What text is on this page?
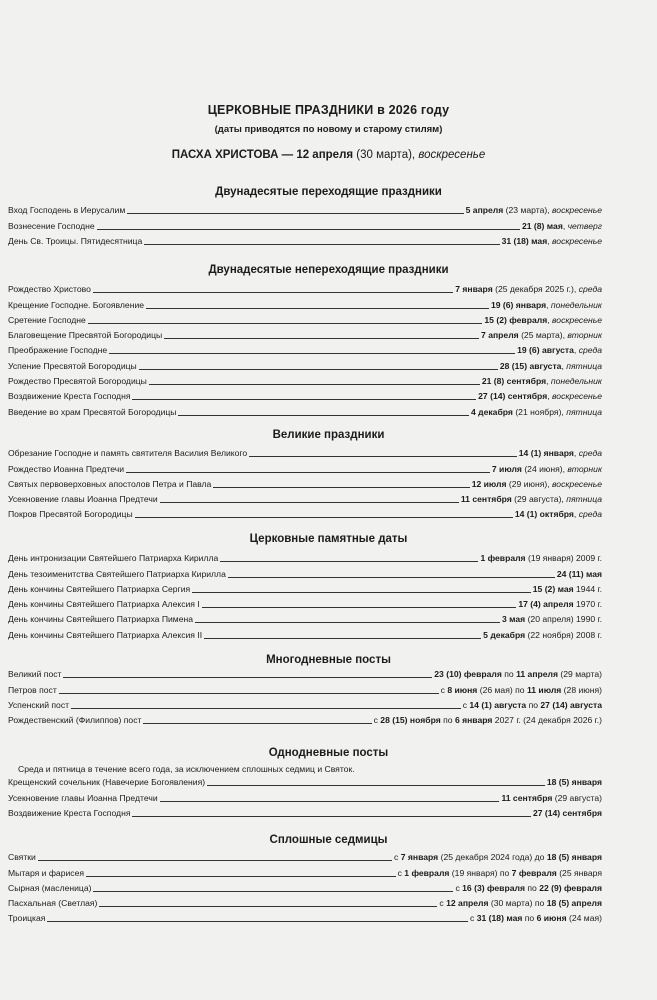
ЦЕРКОВНЫЕ ПРАЗДНИКИ в 2026 году
(даты приводятся по новому и старому стилям)
ПАСХА ХРИСТОВА — 12 апреля (30 марта), воскресенье
Двунадесятые переходящие праздники
Вход Господень в Иерусалим	5 апреля (23 марта), воскресенье
Вознесение Господне	21 (8) мая, четверг
День Св. Троицы. Пятидесятница	31 (18) мая, воскресенье
Двунадесятые непереходящие праздники
Рождество Христово	7 января (25 декабря 2025 г.), среда
Крещение Господне. Богоявление	19 (6) января, понедельник
Сретение Господне	15 (2) февраля, воскресенье
Благовещение Пресвятой Богородицы	7 апреля (25 марта), вторник
Преображение Господне	19 (6) августа, среда
Успение Пресвятой Богородицы	28 (15) августа, пятница
Рождество Пресвятой Богородицы	21 (8) сентября, понедельник
Воздвижение Креста Господня	27 (14) сентября, воскресенье
Введение во храм Пресвятой Богородицы	4 декабря (21 ноября), пятница
Великие праздники
Обрезание Господне и память святителя Василия Великого	14 (1) января, среда
Рождество Иоанна Предтечи	7 июля (24 июня), вторник
Святых первоверховных апостолов Петра и Павла	12 июля (29 июня), воскресенье
Усекновение главы Иоанна Предтечи	11 сентября (29 августа), пятница
Покров Пресвятой Богородицы	14 (1) октября, среда
Церковные памятные даты
День интронизации Святейшего Патриарха Кирилла	1 февраля (19 января) 2009 г.
День тезоименитства Святейшего Патриарха Кирилла	24 (11) мая
День кончины Святейшего Патриарха Сергия	15 (2) мая 1944 г.
День кончины Святейшего Патриарха Алексия I	17 (4) апреля 1970 г.
День кончины Святейшего Патриарха Пимена	3 мая (20 апреля) 1990 г.
День кончины Святейшего Патриарха Алексия II	5 декабря (22 ноября) 2008 г.
Многодневные посты
Великий пост	23 (10) февраля по 11 апреля (29 марта)
Петров пост	с 8 июня (26 мая) по 11 июля (28 июня)
Успенский пост	с 14 (1) августа по 27 (14) августа
Рождественский (Филиппов) пост	с 28 (15) ноября по 6 января 2027 г. (24 декабря 2026 г.)
Однодневные посты
Среда и пятница в течение всего года, за исключением сплошных седмиц и Святок.
Крещенский сочельник (Навечерие Богоявления)	18 (5) января
Усекновение главы Иоанна Предтечи	11 сентября (29 августа)
Воздвижение Креста Господня	27 (14) сентября
Сплошные седмицы
Святки	с 7 января (25 декабря 2024 года) до 18 (5) января
Мытаря и фарисея	с 1 февраля (19 января) по 7 февраля (25 января
Сырная (масленица)	с 16 (3) февраля по 22 (9) февраля
Пасхальная (Светлая)	с 12 апреля (30 марта) по 18 (5) апреля
Троицкая	с 31 (18) мая по 6 июня (24 мая)
